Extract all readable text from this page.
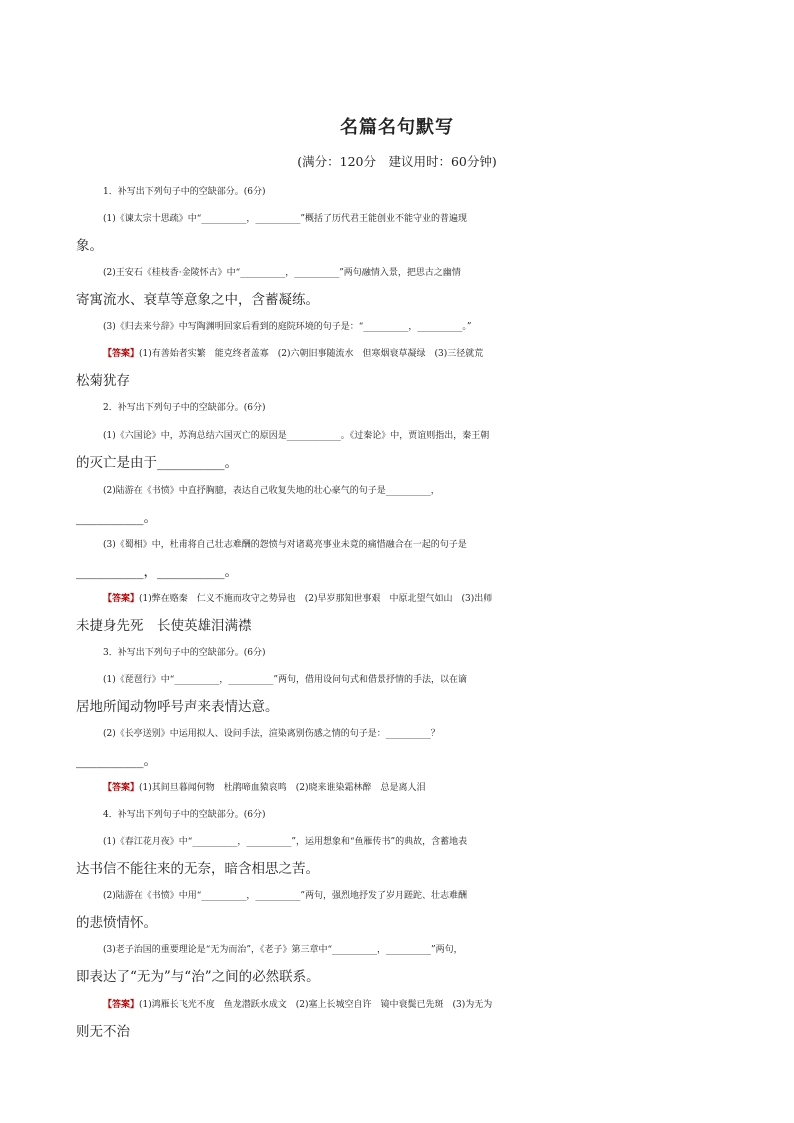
名篇名句默写
(满分：120分　建议用时：60分钟)
1．补写出下列句子中的空缺部分。(6分)
(1)《谏太宗十思疏》中“__________，__________”概括了历代君王能创业不能守业的普遍现
象。
(2)王安石《桂枝香·金陵怀古》中“__________，__________”两句融情入景，把思古之幽情
寄寓流水、衰草等意象之中，含蓄凝练。
(3)《归去来兮辞》中写陶渊明回家后看到的庭院环境的句子是：“__________，__________。”
【答案】(1)有善始者实繁　能克终者盖寡　(2)六朝旧事随流水　但寒烟衰草凝绿　(3)三径就荒
松菊犹存
2．补写出下列句子中的空缺部分。(6分)
(1)《六国论》中，苏洵总结六国灭亡的原因是____________。《过秦论》中，贾谊则指出，秦王朝
的灭亡是由于__________。
(2)陆游在《书愤》中直抒胸臆，表达自己收复失地的壮心豪气的句子是__________，
__________。
(3)《蜀相》中，杜甫将自己壮志难酬的怨愤与对诸葛亮事业未竟的痛惜融合在一起的句子是
__________，__________。
【答案】(1)弊在赂秦　仁义不施而攻守之势异也　(2)早岁那知世事艰　中原北望气如山　(3)出师
未捷身先死　长使英雄泪满襟
3．补写出下列句子中的空缺部分。(6分)
(1)《琵琶行》中“__________，__________”两句，借用设问句式和借景抒情的手法，以在谪
居地所闻动物呼号声来表情达意。
(2)《长亭送别》中运用拟人、设问手法，渲染离别伤感之情的句子是：__________？
__________。
【答案】(1)其间旦暮闻何物　杜鹃啼血猿哀鸣　(2)晓来谁染霜林醉　总是离人泪
4．补写出下列句子中的空缺部分。(6分)
(1)《春江花月夜》中“__________，__________”，运用想象和“鱼雁传书”的典故，含蓄地表
达书信不能往来的无奈，暗含相思之苦。
(2)陆游在《书愤》中用“__________，__________”两句，强烈地抒发了岁月蹉跎、壮志难酬
的悲愤情怀。
(3)老子治国的重要理论是“无为而治”，《老子》第三章中“__________，__________”两句，
即表达了“无为”与“治”之间的必然联系。
【答案】(1)鸿雁长飞光不度　鱼龙潜跃水成文　(2)塞上长城空自许　镜中衰鬓已先斑　(3)为无为
则无不治
